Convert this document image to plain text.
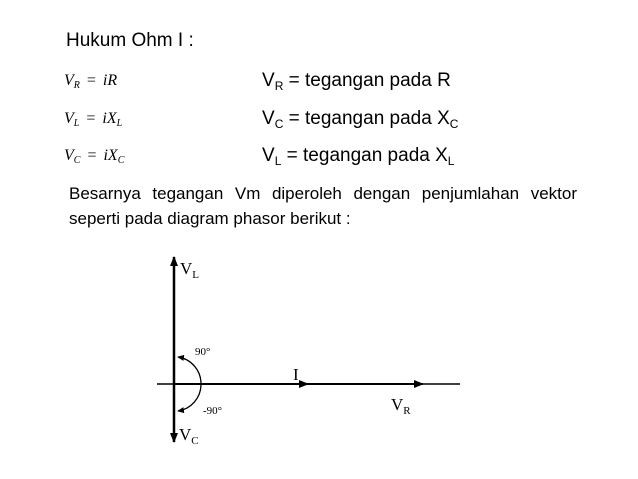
Hukum Ohm I :
$V_R$ = iR
$V_L = iX_L$
$V_C = iX_C$
$V_R$ = tegangan pada R
$V_C$ = tegangan pada $X_C$
$V_L$ = tegangan pada $X_L$
Besarnya tegangan Vm diperoleh dengan penjumlahan vektor seperti pada diagram phasor berikut :
$V_L$
$V_C$
I
$V_R$
90°
-90°
